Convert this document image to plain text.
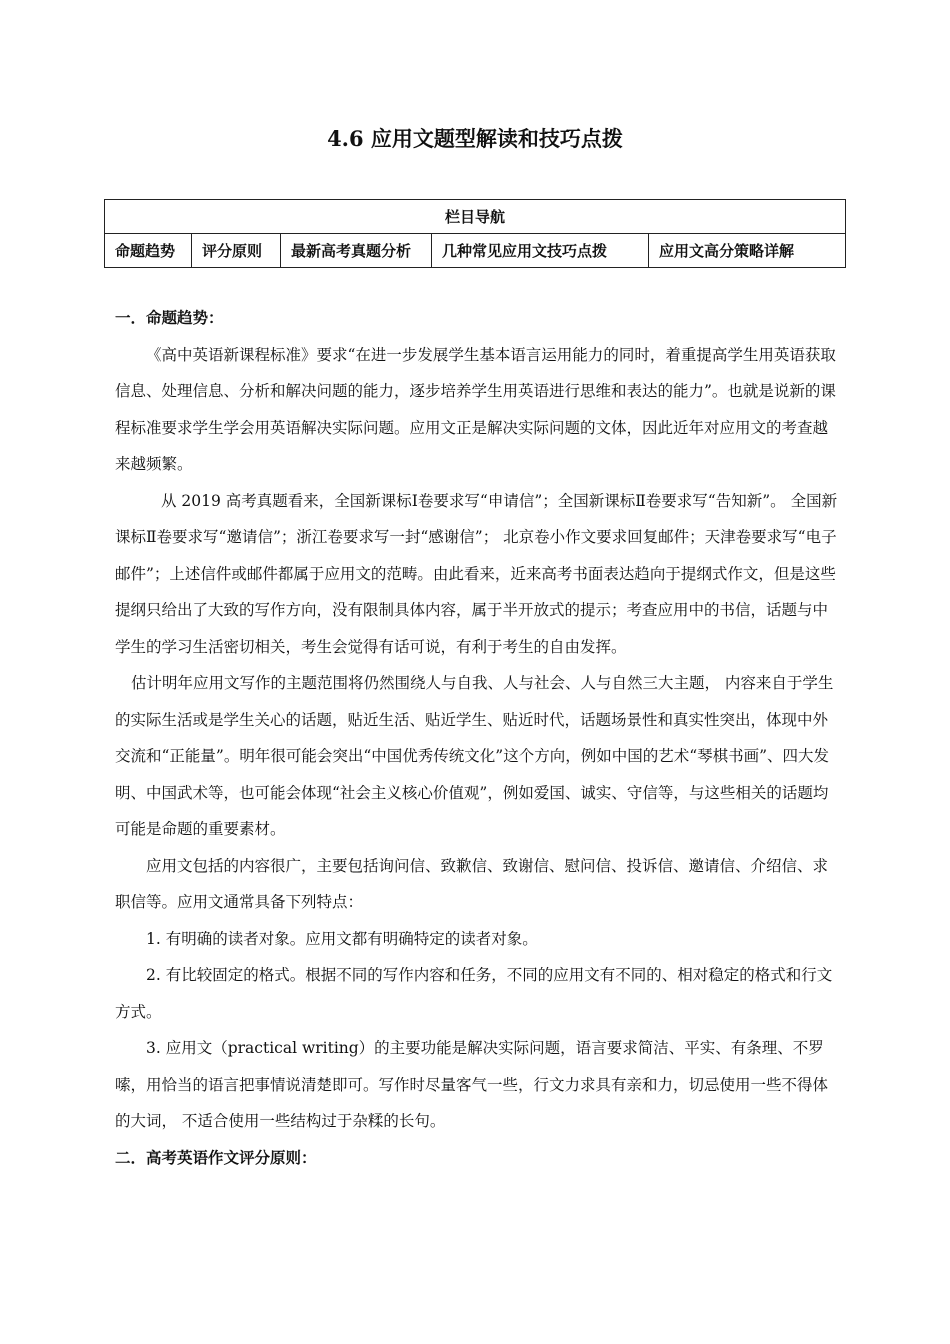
4.6 应用文题型解读和技巧点拨
栏目导航
命题趋势	评分原则	最新高考真题分析	几种常见应用文技巧点拨	应用文高分策略详解

一．命题趋势：

《高中英语新课程标准》要求“在进一步发展学生基本语言运用能力的同时，着重提高学生用英语获取信息、处理信息、分析和解决问题的能力，逐步培养学生用英语进行思维和表达的能力”。也就是说新的课程标准要求学生学会用英语解决实际问题。应用文正是解决实际问题的文体，因此近年对应用文的考查越来越频繁。

从 2019 高考真题看来，全国新课标Ⅰ卷要求写“申请信”；全国新课标Ⅱ卷要求写“告知新”。 全国新课标Ⅱ卷要求写“邀请信”；浙江卷要求写一封“感谢信”； 北京卷小作文要求回复邮件；天津卷要求写“电子邮件”；上述信件或邮件都属于应用文的范畴。由此看来，近来高考书面表达趋向于提纲式作文，但是这些提纲只给出了大致的写作方向，没有限制具体内容，属于半开放式的提示；考查应用中的书信，话题与中学生的学习生活密切相关，考生会觉得有话可说，有利于考生的自由发挥。

估计明年应用文写作的主题范围将仍然围绕人与自我、人与社会、人与自然三大主题， 内容来自于学生的实际生活或是学生关心的话题，贴近生活、贴近学生、贴近时代，话题场景性和真实性突出，体现中外交流和“正能量”。明年很可能会突出“中国优秀传统文化”这个方向，例如中国的艺术“琴棋书画”、四大发明、中国武术等，也可能会体现“社会主义核心价值观”，例如爱国、诚实、守信等，与这些相关的话题均可能是命题的重要素材。

应用文包括的内容很广，主要包括询问信、致歉信、致谢信、慰问信、投诉信、邀请信、介绍信、求职信等。应用文通常具备下列特点：

1. 有明确的读者对象。应用文都有明确特定的读者对象。

2. 有比较固定的格式。根据不同的写作内容和任务，不同的应用文有不同的、相对稳定的格式和行文方式。

3. 应用文（practical writing）的主要功能是解决实际问题，语言要求简洁、平实、有条理、不罗嗦，用恰当的语言把事情说清楚即可。写作时尽量客气一些，行文力求具有亲和力，切忌使用一些不得体的大词， 不适合使用一些结构过于杂糅的长句。

二．高考英语作文评分原则：
